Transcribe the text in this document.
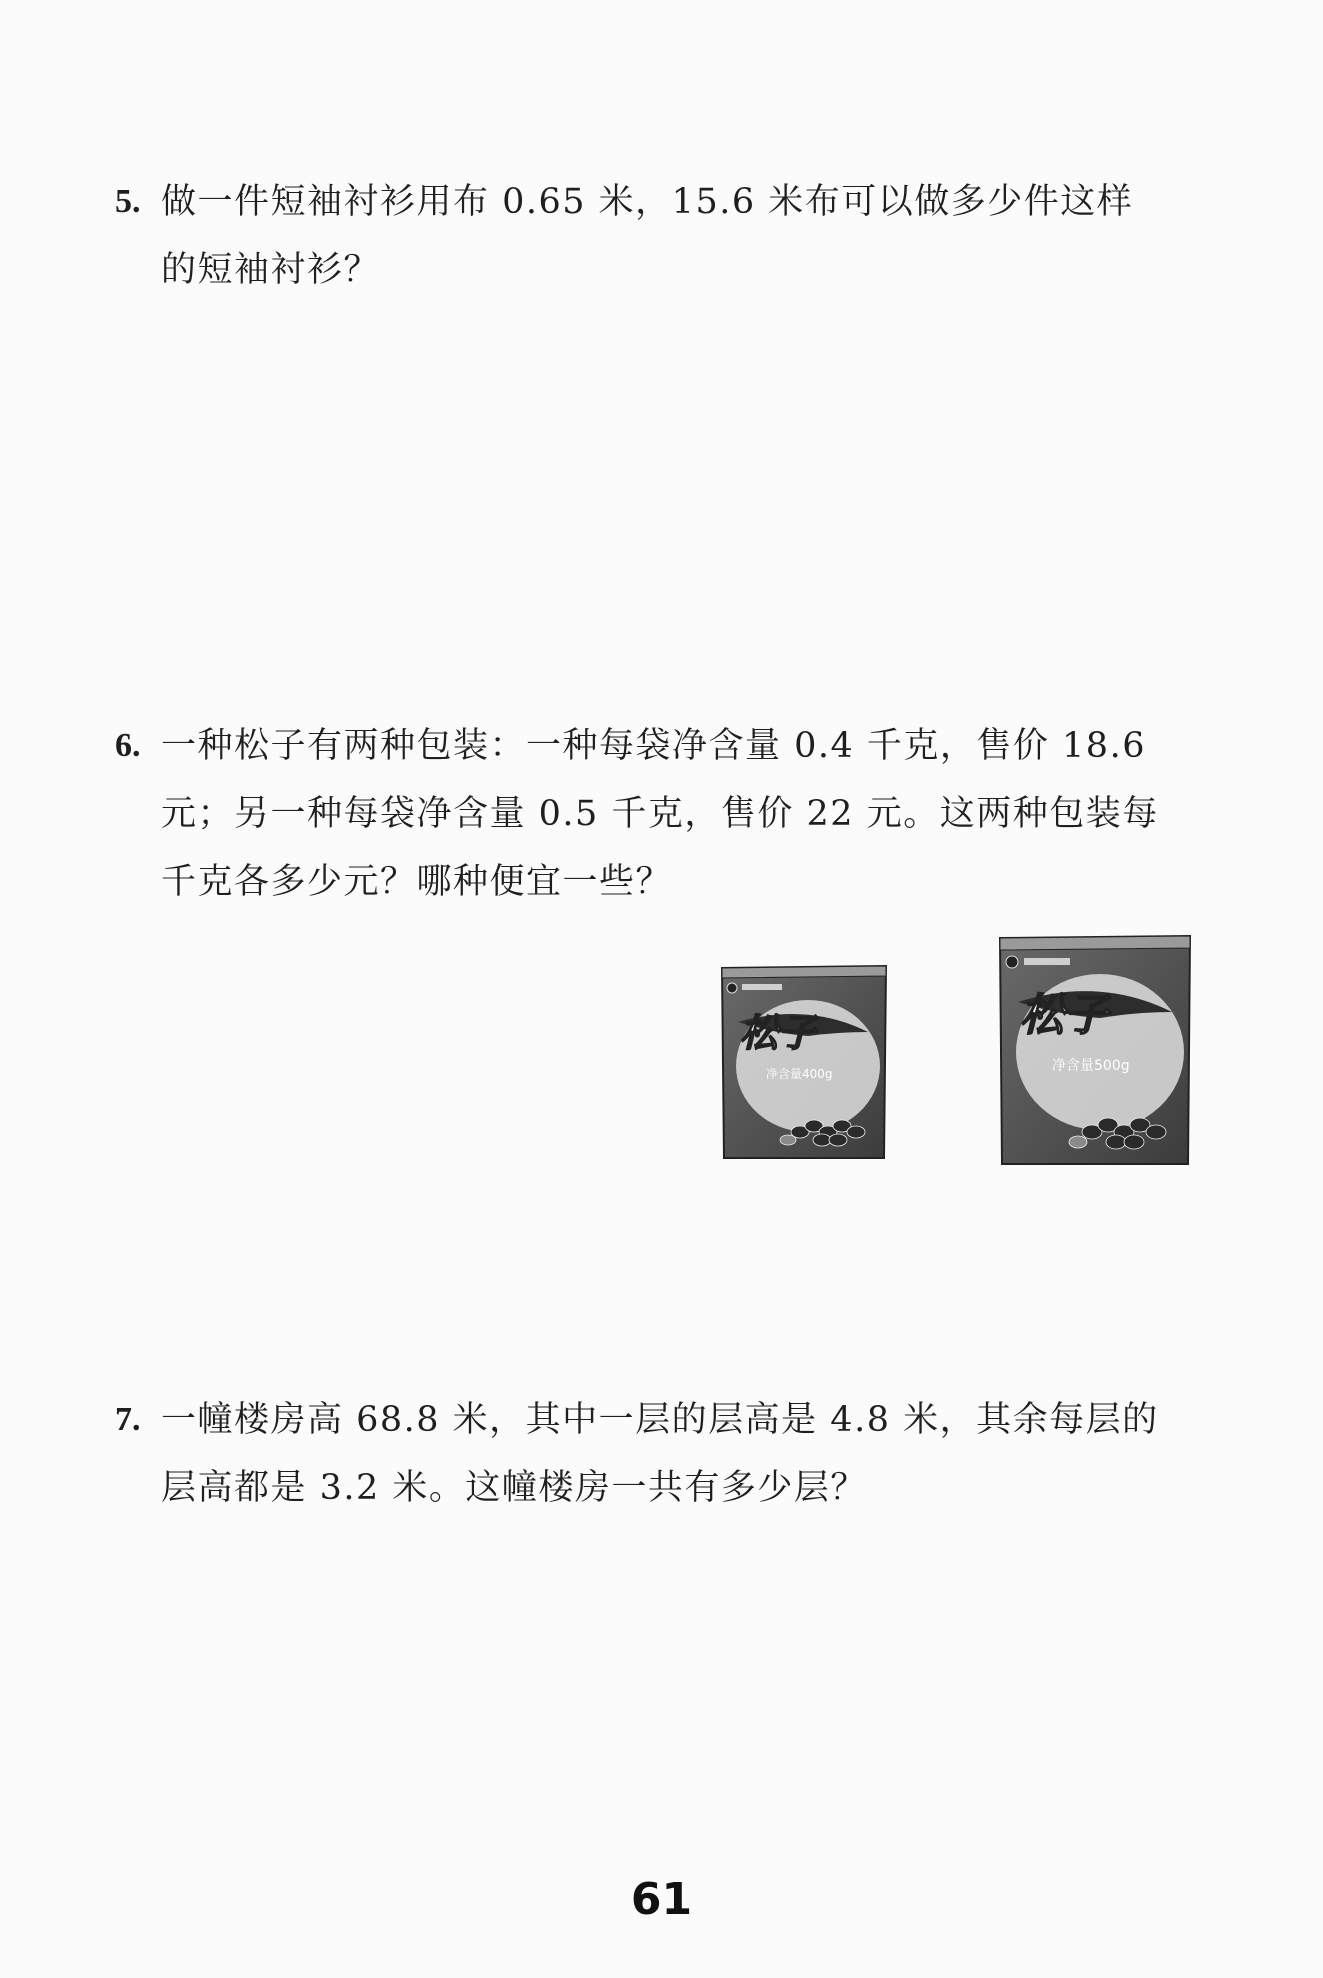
5. 做一件短袖衬衫用布 0.65 米，15.6 米布可以做多少件这样
的短袖衬衫？
6. 一种松子有两种包装：一种每袋净含量 0.4 千克，售价 18.6
元；另一种每袋净含量 0.5 千克，售价 22 元。这两种包装每
千克各多少元？哪种便宜一些？
松子
净含量400g
松子
净含量500g
7. 一幢楼房高 68.8 米，其中一层的层高是 4.8 米，其余每层的
层高都是 3.2 米。这幢楼房一共有多少层？
61
